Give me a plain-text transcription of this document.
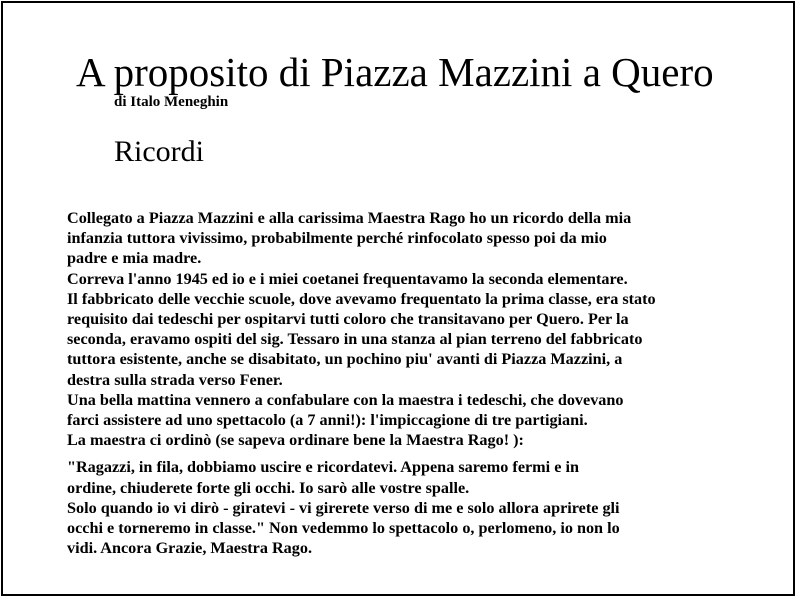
A proposito di Piazza Mazzini a Quero
di Italo Meneghin
Ricordi
Collegato a Piazza Mazzini e alla carissima Maestra Rago ho un ricordo della mia
infanzia tuttora vivissimo, probabilmente perché rinfocolato spesso poi da mio
padre e mia madre.
Correva l'anno 1945 ed io e i miei coetanei frequentavamo la seconda elementare.
Il fabbricato delle vecchie scuole, dove avevamo frequentato la prima classe, era stato
requisito dai tedeschi per ospitarvi tutti coloro che transitavano per Quero. Per la
seconda, eravamo ospiti del sig. Tessaro in una stanza al pian terreno del fabbricato
tuttora esistente, anche se disabitato, un pochino piu' avanti di Piazza Mazzini, a
destra sulla strada verso Fener.
Una bella mattina vennero a confabulare con la maestra i tedeschi, che dovevano
farci assistere ad uno spettacolo (a 7 anni!): l'impiccagione di tre partigiani.
La maestra ci ordinò (se sapeva ordinare bene la Maestra Rago! ):
"Ragazzi, in fila, dobbiamo uscire e ricordatevi. Appena saremo fermi e in
ordine, chiuderete forte gli occhi. Io sarò alle vostre spalle.
Solo quando io vi dirò - giratevi - vi girerete verso di me e solo allora aprirete gli
occhi e torneremo in classe." Non vedemmo lo spettacolo o, perlomeno, io non lo
vidi. Ancora Grazie, Maestra Rago.
